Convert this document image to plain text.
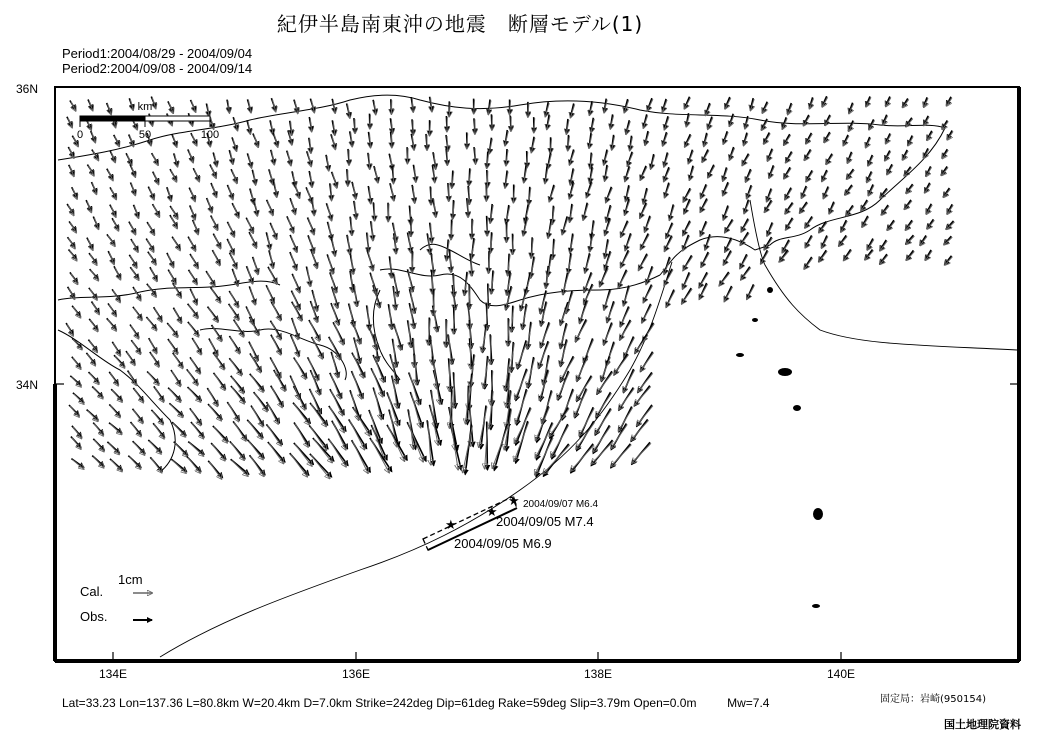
紀伊半島南東沖の地震　断層モデル(1)
Period1:2004/08/29 - 2004/09/04
Period2:2004/09/08 - 2004/09/14
★
★
★
2004/09/07 M6.4
2004/09/05 M7.4
2004/09/05 M6.9
km
0	50	100
1cm
Cal.
Obs.
36N
34N
134E	136E	138E	140E
Lat=33.23 Lon=137.36 L=80.8km W=20.4km D=7.0km Strike=242deg Dip=61deg Rake=59deg Slip=3.79m Open=0.0m	Mw=7.4	固定局：岩崎(950154)
国土地理院資料
